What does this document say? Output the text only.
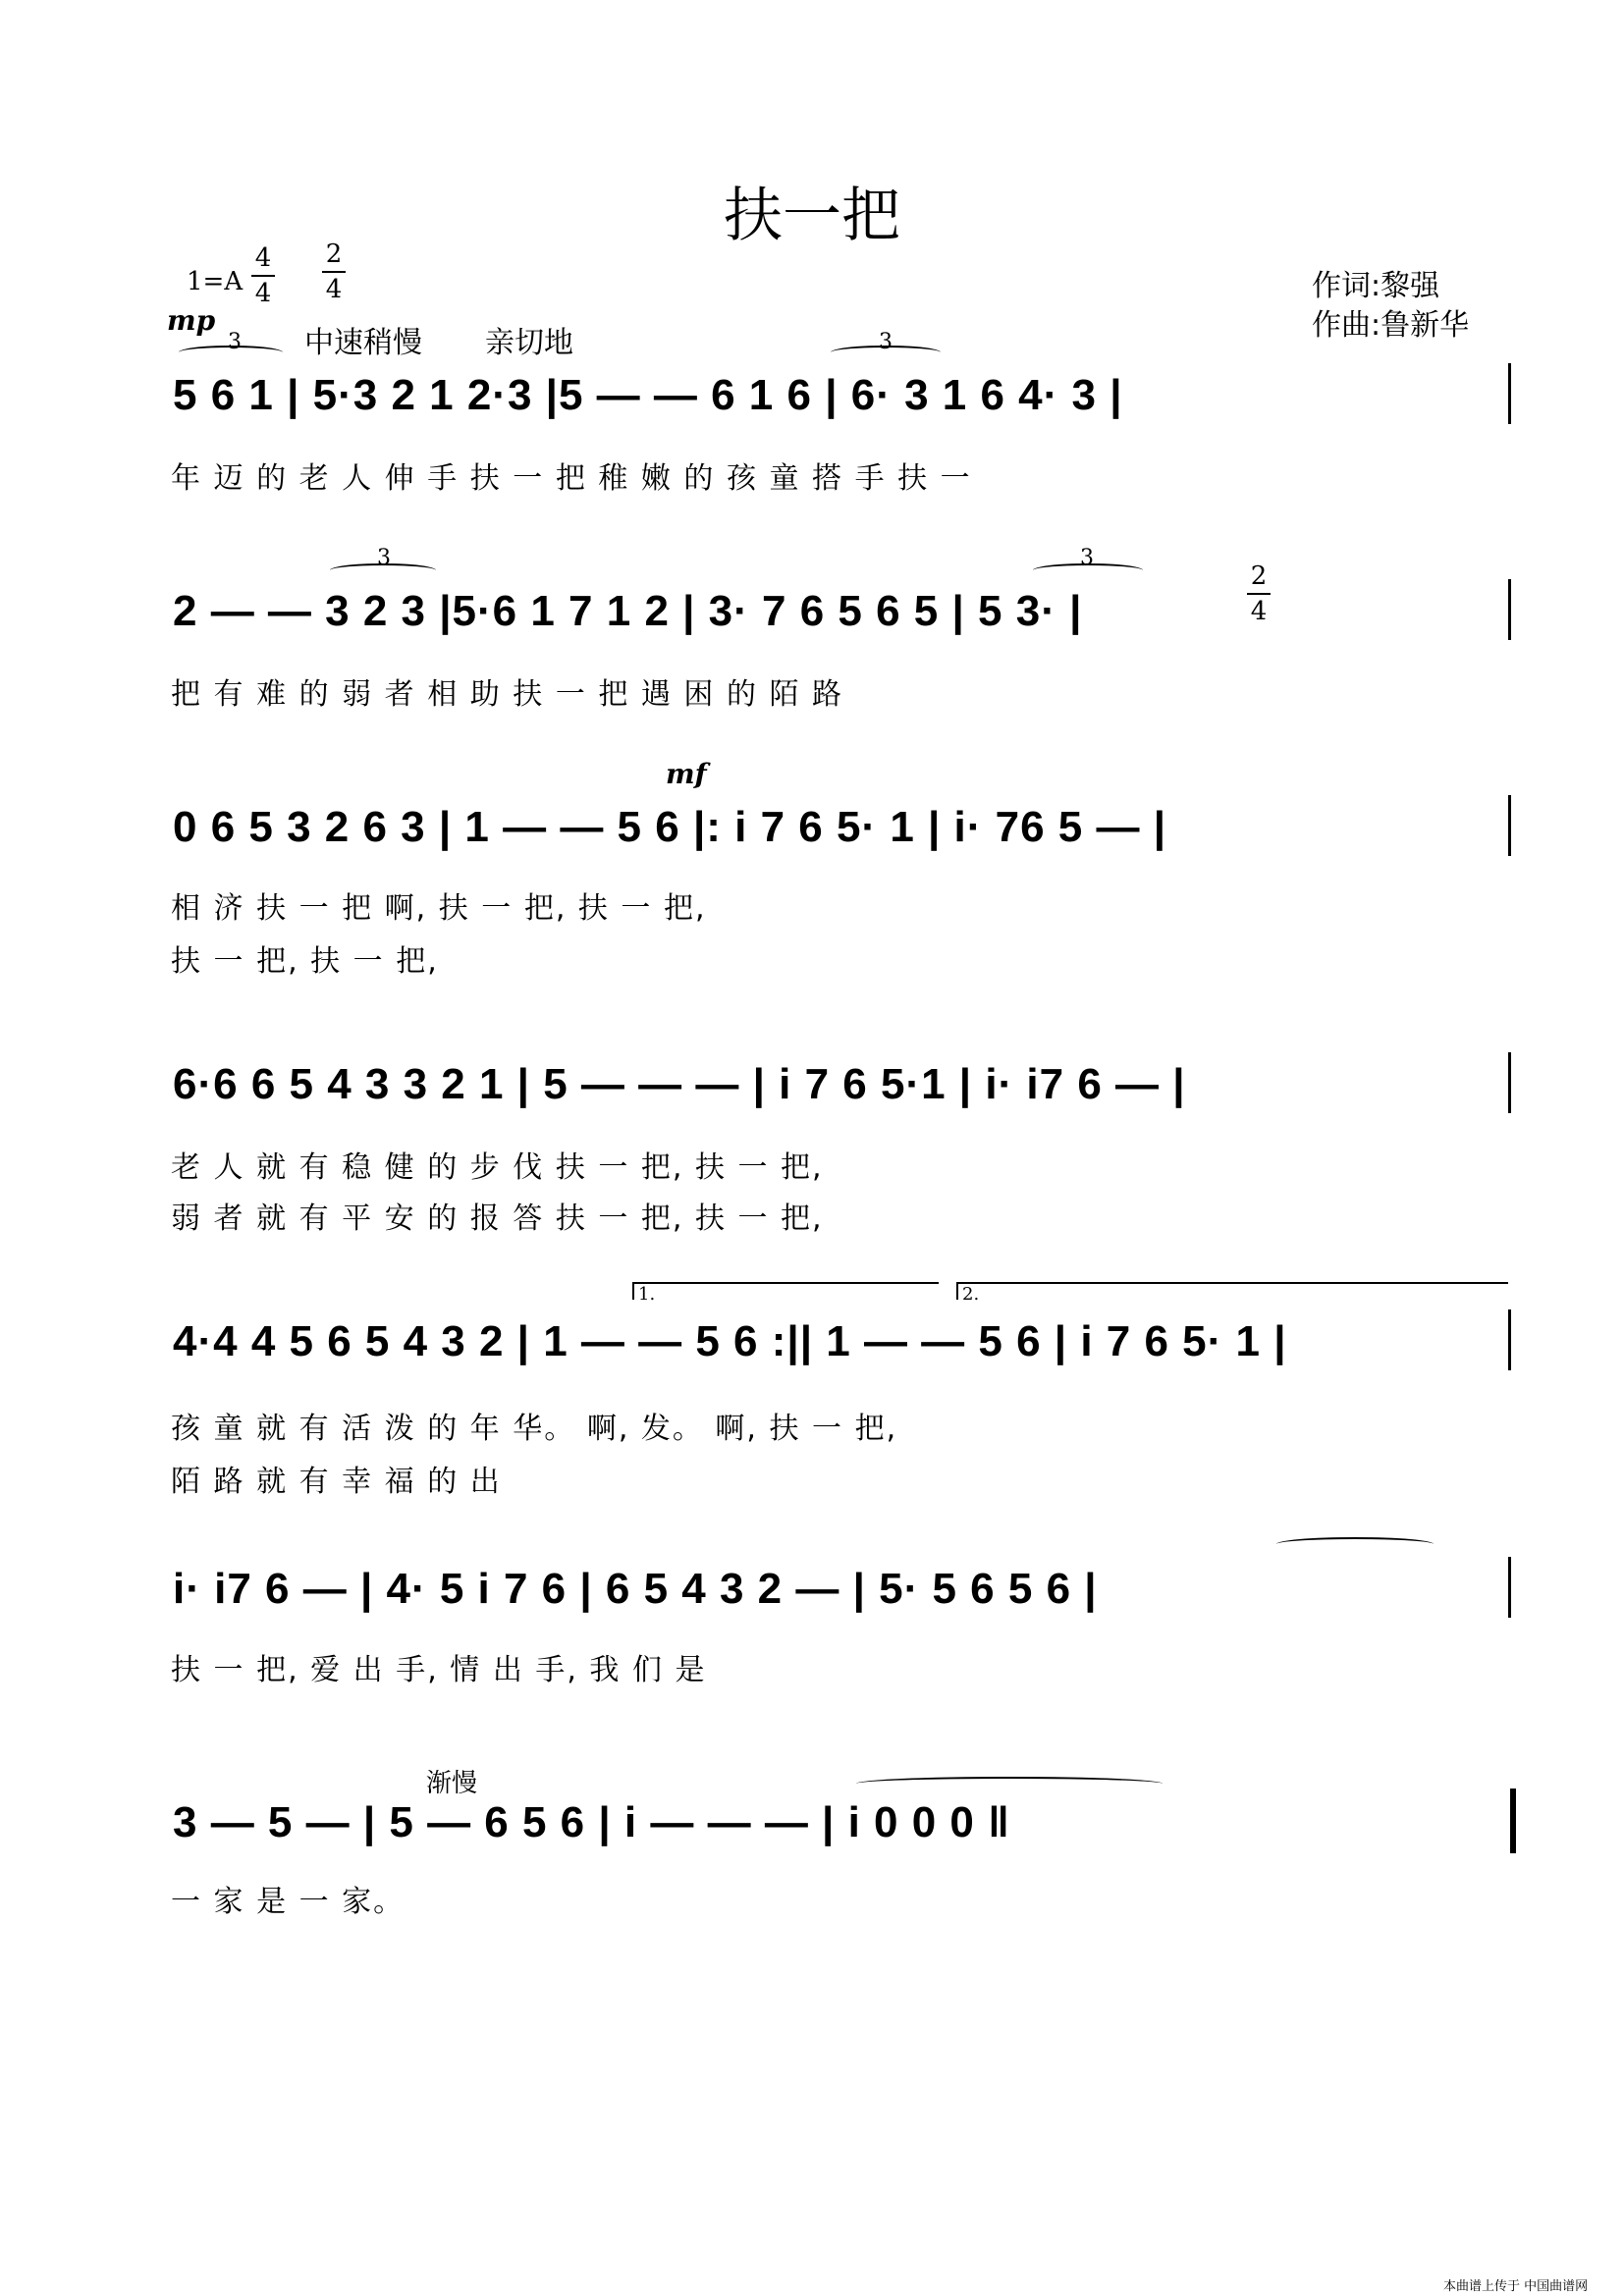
扶一把
1=A
4
4
2
4
mp
中速稍慢 亲切地
作词:黎强
作曲:鲁新华
3	3
5 6 1 | 5·3 2 1 2·3 |5 — — 6 1 6 | 6· 3 1 6 4· 3 |
年 迈 的 老 人 伸 手 扶 一 把 稚 嫩 的 孩 童 搭 手 扶 一
3	3
2
4
2 — — 3 2 3 |5·6 1 7 1 2 | 3· 7 6 5 6 5 | 5 3· |
把 有 难 的 弱 者 相 助 扶 一 把 遇 困 的 陌 路
mf
0 6 5 3 2 6 3 | 1 — — 5 6 |: i 7 6 5· 1 | i· 76 5 — |
相 济 扶 一 把 啊, 扶 一 把, 扶 一 把,
扶 一 把, 扶 一 把,
6·6 6 5 4 3 3 2 1 | 5 — — — | i 7 6 5·1 | i· i7 6 — |
老 人 就 有 稳 健 的 步 伐 扶 一 把, 扶 一 把,
弱 者 就 有 平 安 的 报 答 扶 一 把, 扶 一 把,
1.	2.
4·4 4 5 6 5 4 3 2 | 1 — — 5 6 :|| 1 — — 5 6 | i 7 6 5· 1 |
孩 童 就 有 活 泼 的 年 华。 啊, 发。 啊, 扶 一 把,
陌 路 就 有 幸 福 的 出
i· i7 6 — | 4· 5 i 7 6 | 6 5 4 3 2 — | 5· 5 6 5 6 |
扶 一 把, 爱 出 手, 情 出 手, 我 们 是
渐慢
3 — 5 — | 5 — 6 5 6 | i — — — | i 0 0 0 ‖
一 家 是 一 家。
本曲谱上传于 中国曲谱网
